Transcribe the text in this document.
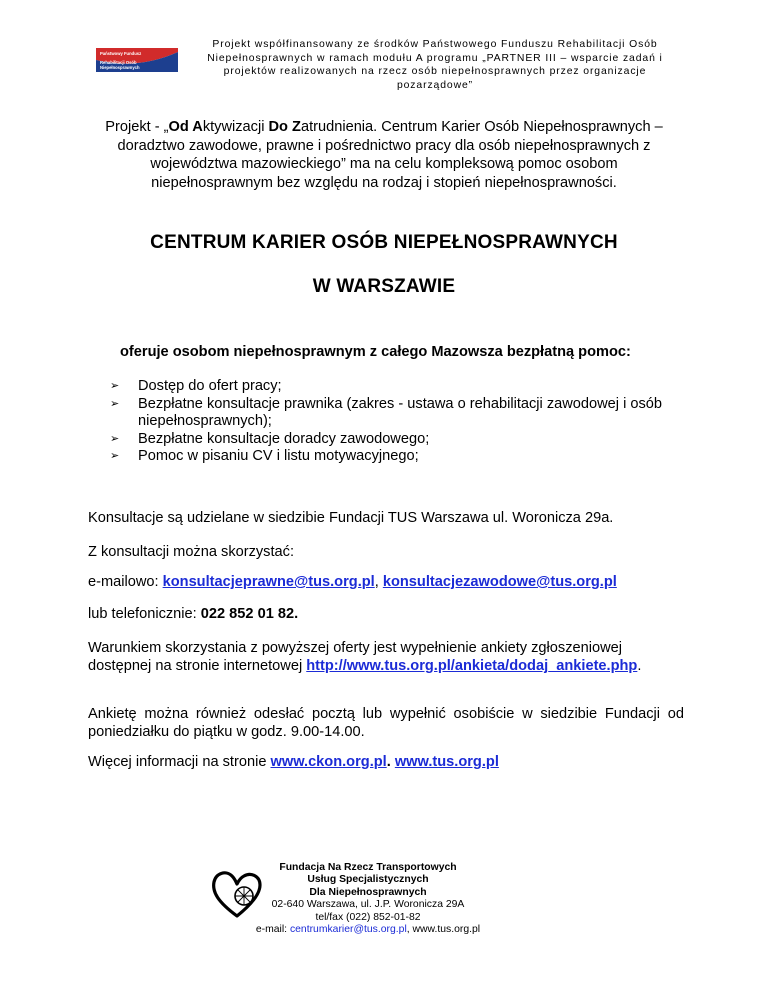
Państwowy Fundusz
Rehabilitacji Osób
Niepełnosprawnych
Projekt współfinansowany ze środków Państwowego Funduszu Rehabilitacji Osób Niepełnosprawnych w ramach modułu A programu „PARTNER III – wsparcie zadań i projektów realizowanych na rzecz osób niepełnosprawnych przez organizacje pozarządowe”
Projekt - „Od Aktywizacji Do Zatrudnienia. Centrum Karier Osób Niepełnosprawnych – doradztwo zawodowe, prawne i pośrednictwo pracy dla osób niepełnosprawnych z województwa mazowieckiego” ma na celu kompleksową pomoc osobom niepełnosprawnym bez względu na rodzaj i stopień niepełnosprawności.
CENTRUM KARIER OSÓB NIEPEŁNOSPRAWNYCH
W WARSZAWIE
oferuje osobom niepełnosprawnym z całego Mazowsza bezpłatną pomoc:
➢ Dostęp do ofert pracy;
➢ Bezpłatne konsultacje prawnika (zakres - ustawa o rehabilitacji zawodowej i osób niepełnosprawnych);
➢ Bezpłatne konsultacje doradcy zawodowego;
➢ Pomoc w pisaniu CV i listu motywacyjnego;
Konsultacje są udzielane w siedzibie Fundacji TUS Warszawa ul. Woronicza 29a.
Z konsultacji można skorzystać:
e-mailowo: konsultacjeprawne@tus.org.pl, konsultacjezawodowe@tus.org.pl
lub telefonicznie: 022 852 01 82.
Warunkiem skorzystania z powyższej oferty jest wypełnienie ankiety zgłoszeniowej dostępnej na stronie internetowej http://www.tus.org.pl/ankieta/dodaj_ankiete.php.
Ankietę można również odesłać pocztą lub wypełnić osobiście w siedzibie Fundacji od poniedziałku do piątku w godz. 9.00-14.00.
Więcej informacji na stronie www.ckon.org.pl. www.tus.org.pl
Fundacja Na Rzecz Transportowych
Usług Specjalistycznych
Dla Niepełnosprawnych
02-640 Warszawa, ul. J.P. Woronicza 29A
tel/fax (022) 852-01-82
e-mail: centrumkarier@tus.org.pl, www.tus.org.pl
